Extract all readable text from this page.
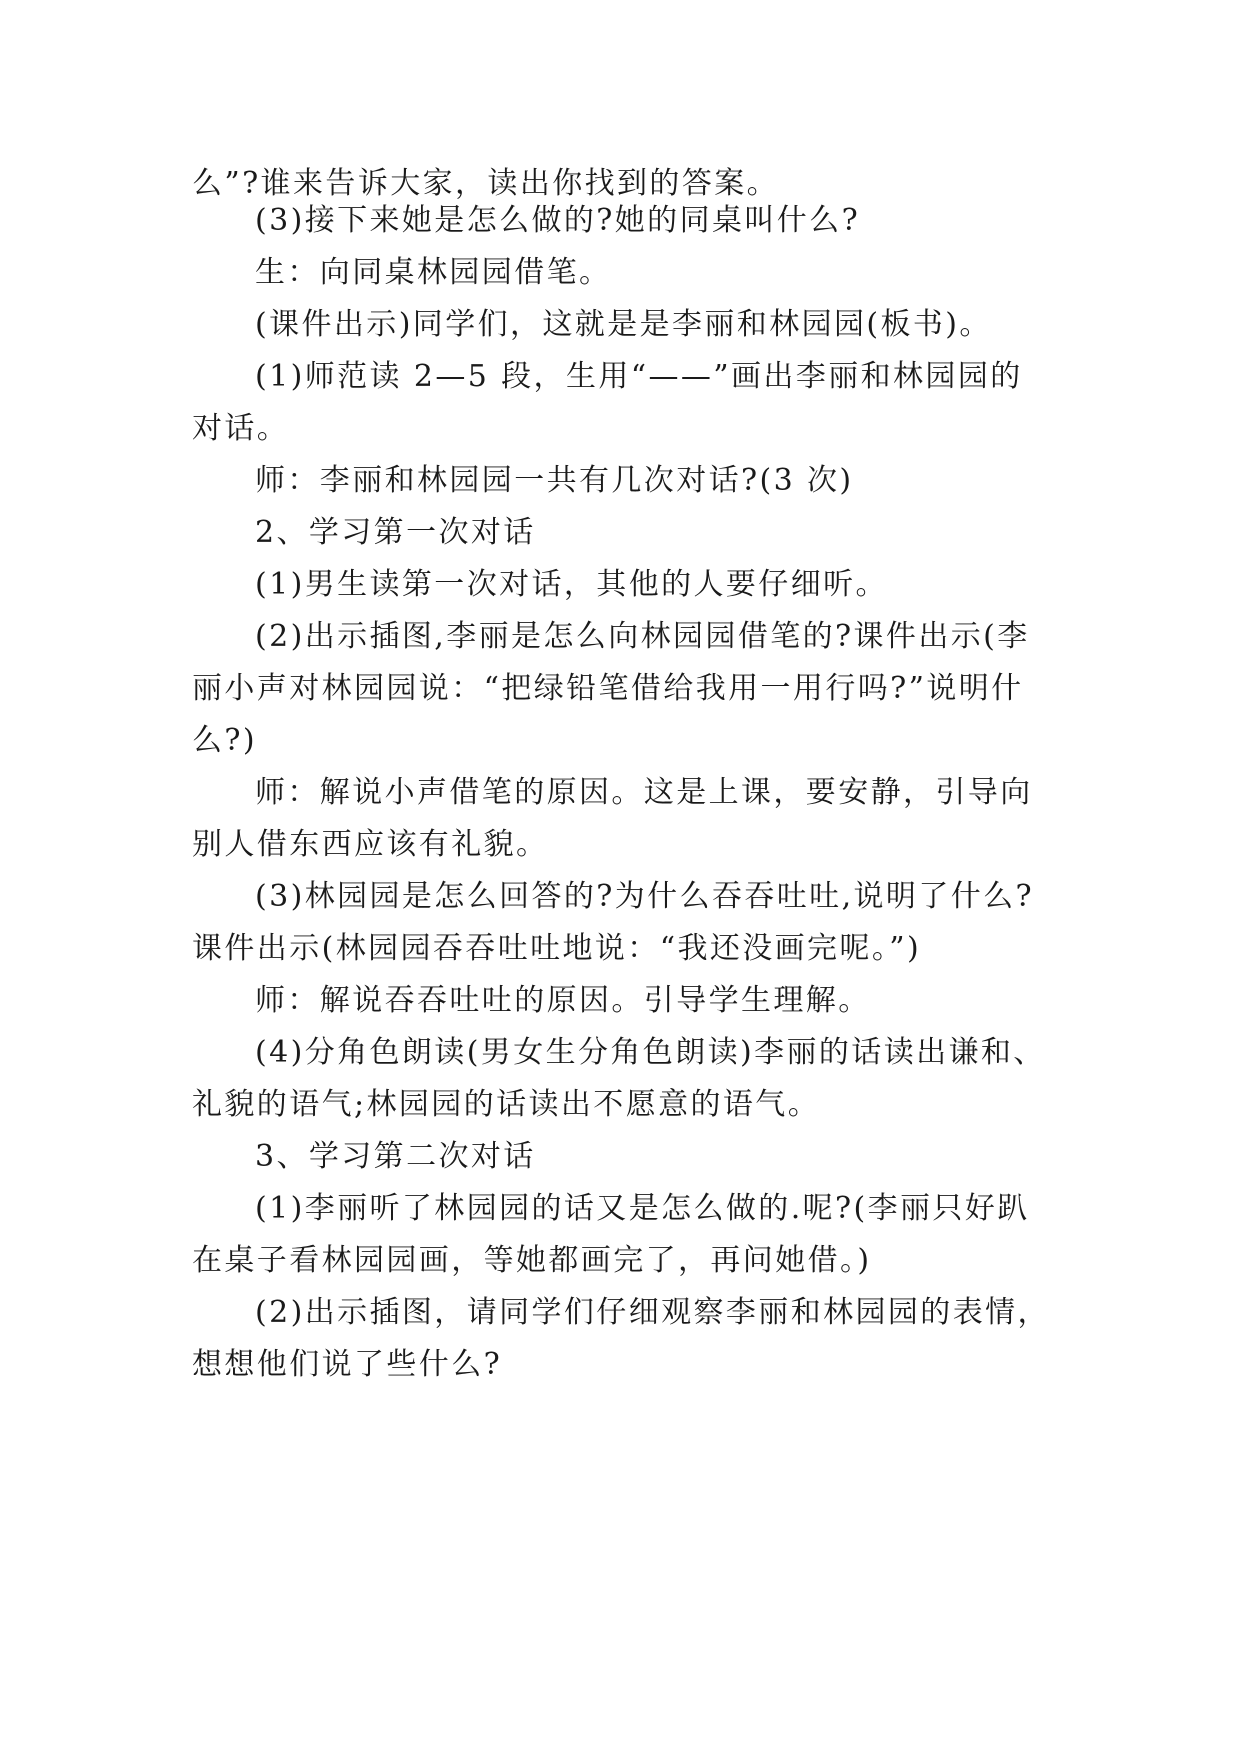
么”?谁来告诉大家，读出你找到的答案。
(3)接下来她是怎么做的?她的同桌叫什么?
生：向同桌林园园借笔。
(课件出示)同学们，这就是是李丽和林园园(板书)。
(1)师范读 2—5 段，生用“——”画出李丽和林园园的
对话。
师：李丽和林园园一共有几次对话?(3 次)
2、学习第一次对话
(1)男生读第一次对话，其他的人要仔细听。
(2)出示插图,李丽是怎么向林园园借笔的?课件出示(李
丽小声对林园园说：“把绿铅笔借给我用一用行吗?”说明什
么?)
师：解说小声借笔的原因。这是上课，要安静，引导向
别人借东西应该有礼貌。
(3)林园园是怎么回答的?为什么吞吞吐吐,说明了什么?
课件出示(林园园吞吞吐吐地说：“我还没画完呢。”)
师：解说吞吞吐吐的原因。引导学生理解。
(4)分角色朗读(男女生分角色朗读)李丽的话读出谦和、
礼貌的语气;林园园的话读出不愿意的语气。
3、学习第二次对话
(1)李丽听了林园园的话又是怎么做的.呢?(李丽只好趴
在桌子看林园园画，等她都画完了，再问她借。)
(2)出示插图，请同学们仔细观察李丽和林园园的表情，
想想他们说了些什么?
